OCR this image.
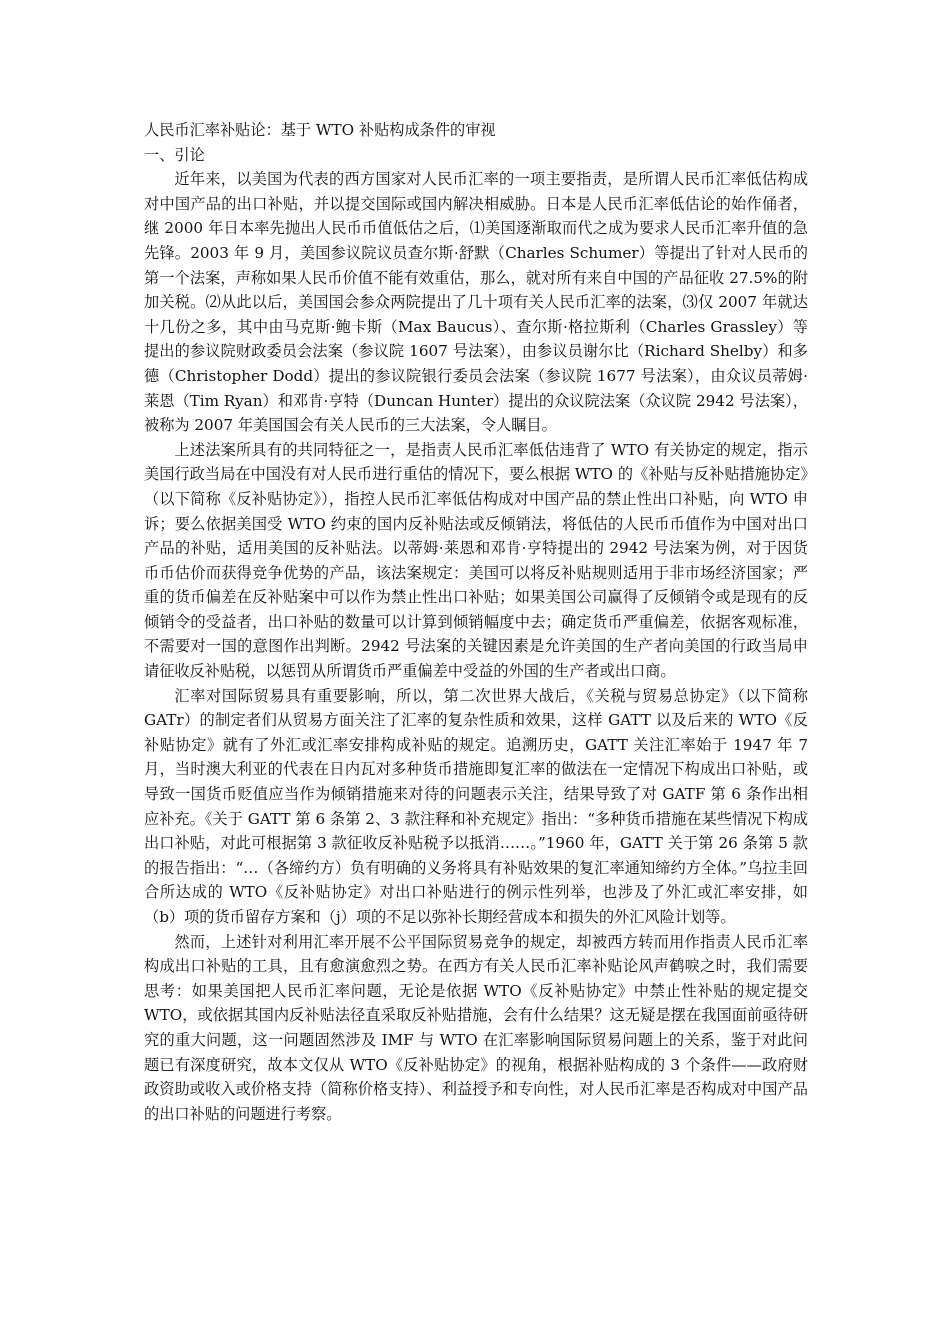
人民币汇率补贴论：基于 WTO 补贴构成条件的审视
一、引论

近年来，以美国为代表的西方国家对人民币汇率的一项主要指责，是所谓人民币汇率低估构成对中国产品的出口补贴，并以提交国际或国内解决相威胁。日本是人民币汇率低估论的始作俑者，继 2000 年日本率先抛出人民币币值低估之后，⑴美国逐渐取而代之成为要求人民币汇率升值的急先锋。2003 年 9 月，美国参议院议员查尔斯·舒默（Charles Schumer）等提出了针对人民币的第一个法案，声称如果人民币价值不能有效重估，那么，就对所有来自中国的产品征收 27.5%的附加关税。⑵从此以后，美国国会参众两院提出了几十项有关人民币汇率的法案，⑶仅 2007 年就达十几份之多，其中由马克斯·鲍卡斯（Max Baucus）、查尔斯·格拉斯利（Charles Grassley）等提出的参议院财政委员会法案（参议院 1607 号法案），由参议员谢尔比（Richard Shelby）和多德（Christopher Dodd）提出的参议院银行委员会法案（参议院 1677 号法案），由众议员蒂姆·莱恩（Tim Ryan）和邓肯·亨特（Duncan Hunter）提出的众议院法案（众议院 2942 号法案），被称为 2007 年美国国会有关人民币的三大法案，令人瞩目。

上述法案所具有的共同特征之一，是指责人民币汇率低估违背了 WTO 有关协定的规定，指示美国行政当局在中国没有对人民币进行重估的情况下，要么根据 WTO 的《补贴与反补贴措施协定》（以下简称《反补贴协定》），指控人民币汇率低估构成对中国产品的禁止性出口补贴，向 WTO 申诉；要么依据美国受 WTO 约束的国内反补贴法或反倾销法，将低估的人民币币值作为中国对出口产品的补贴，适用美国的反补贴法。以蒂姆·莱恩和邓肯·亨特提出的 2942 号法案为例，对于因货币币估价而获得竞争优势的产品，该法案规定：美国可以将反补贴规则适用于非市场经济国家；严重的货币偏差在反补贴案中可以作为禁止性出口补贴；如果美国公司赢得了反倾销令或是现有的反倾销令的受益者，出口补贴的数量可以计算到倾销幅度中去；确定货币严重偏差，依据客观标准，不需要对一国的意图作出判断。2942 号法案的关键因素是允许美国的生产者向美国的行政当局申请征收反补贴税，以惩罚从所谓货币严重偏差中受益的外国的生产者或出口商。

汇率对国际贸易具有重要影响，所以，第二次世界大战后，《关税与贸易总协定》（以下简称 GATr）的制定者们从贸易方面关注了汇率的复杂性质和效果，这样 GATT 以及后来的 WTO《反补贴协定》就有了外汇或汇率安排构成补贴的规定。追溯历史，GATT 关注汇率始于 1947 年 7 月，当时澳大利亚的代表在日内瓦对多种货币措施即复汇率的做法在一定情况下构成出口补贴，或导致一国货币贬值应当作为倾销措施来对待的问题表示关注，结果导致了对 GATF 第 6 条作出相应补充。《关于 GATT 第 6 条第 2、3 款注释和补充规定》指出：“多种货币措施在某些情况下构成出口补贴，对此可根据第 3 款征收反补贴税予以抵消……。”1960 年，GATT 关于第 26 条第 5 款的报告指出：“…（各缔约方）负有明确的义务将具有补贴效果的复汇率通知缔约方全体。”乌拉圭回合所达成的 WTO《反补贴协定》对出口补贴进行的例示性列举，也涉及了外汇或汇率安排，如（b）项的货币留存方案和（j）项的不足以弥补长期经营成本和损失的外汇风险计划等。

然而，上述针对利用汇率开展不公平国际贸易竞争的规定，却被西方转而用作指责人民币汇率构成出口补贴的工具，且有愈演愈烈之势。在西方有关人民币汇率补贴论风声鹤唳之时，我们需要思考：如果美国把人民币汇率问题，无论是依据 WTO《反补贴协定》中禁止性补贴的规定提交 WTO，或依据其国内反补贴法径直采取反补贴措施，会有什么结果？这无疑是摆在我国面前亟待研究的重大问题，这一问题固然涉及 IMF 与 WTO 在汇率影响国际贸易问题上的关系，鉴于对此问题已有深度研究，故本文仅从 WTO《反补贴协定》的视角，根据补贴构成的 3 个条件——政府财政资助或收入或价格支持（简称价格支持）、利益授予和专向性，对人民币汇率是否构成对中国产品的出口补贴的问题进行考察。
